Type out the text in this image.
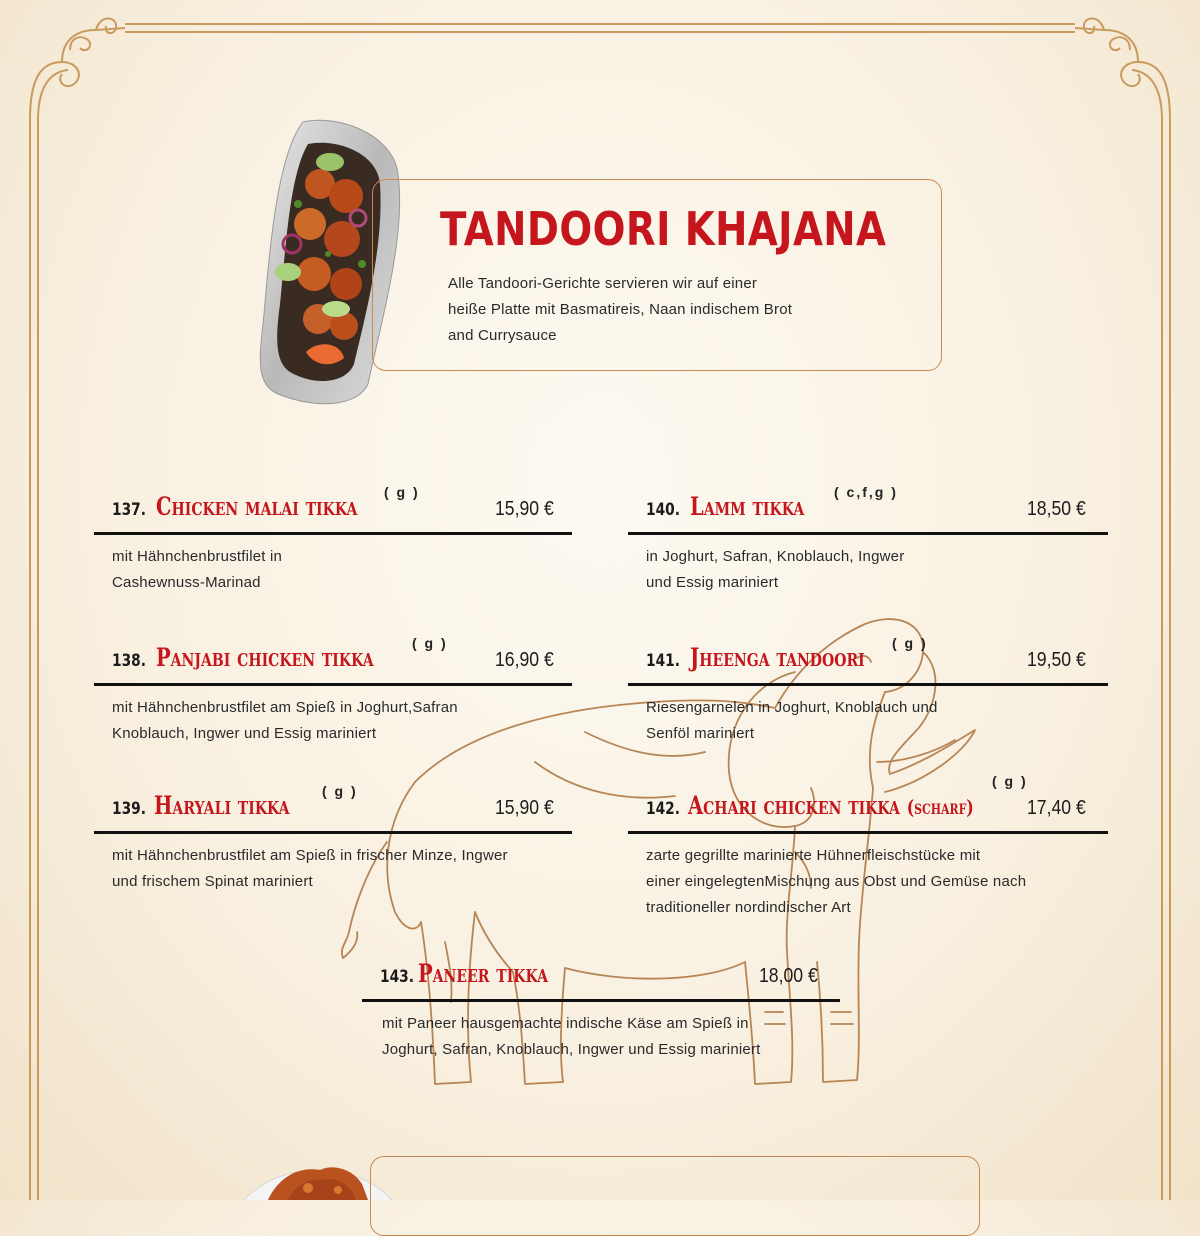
TANDOORI KHAJANA

Alle Tandoori-Gerichte servieren wir auf einer
heiße Platte mit Basmatireis, Naan indischem Brot
and Currysauce

137. Chicken malai tikka ( g )
15,90 €

mit Hähnchenbrustfilet in
Cashewnuss-Marinad

138. Panjabi chicken tikka	( g )
16,90 €

mit Hähnchenbrustfilet am Spieß in Joghurt,Safran
Knoblauch, Ingwer und Essig mariniert

139. Haryali tikka ( g )
15,90 €

mit Hähnchenbrustfilet am Spieß in frischer Minze, Ingwer
und frischem Spinat mariniert

140. Lamm tikka ( c,f,g )
18,50 €

in Joghurt, Safran, Knoblauch, Ingwer
und Essig mariniert

141. Jheenga tandoori ( g )
19,50 €

Riesengarnelen in Joghurt, Knoblauch und
Senföl mariniert

142. Achari chicken tikka (scharf)
( g )
17,40 €

zarte gegrillte marinierte Hühnerfleischstücke mit
einer eingelegtenMischung aus Obst und Gemüse nach
traditioneller nordindischer Art

143. Paneer tikka	18,00 €

mit Paneer hausgemachte indische Käse am Spieß in
Joghurt, Safran, Knoblauch, Ingwer und Essig mariniert
